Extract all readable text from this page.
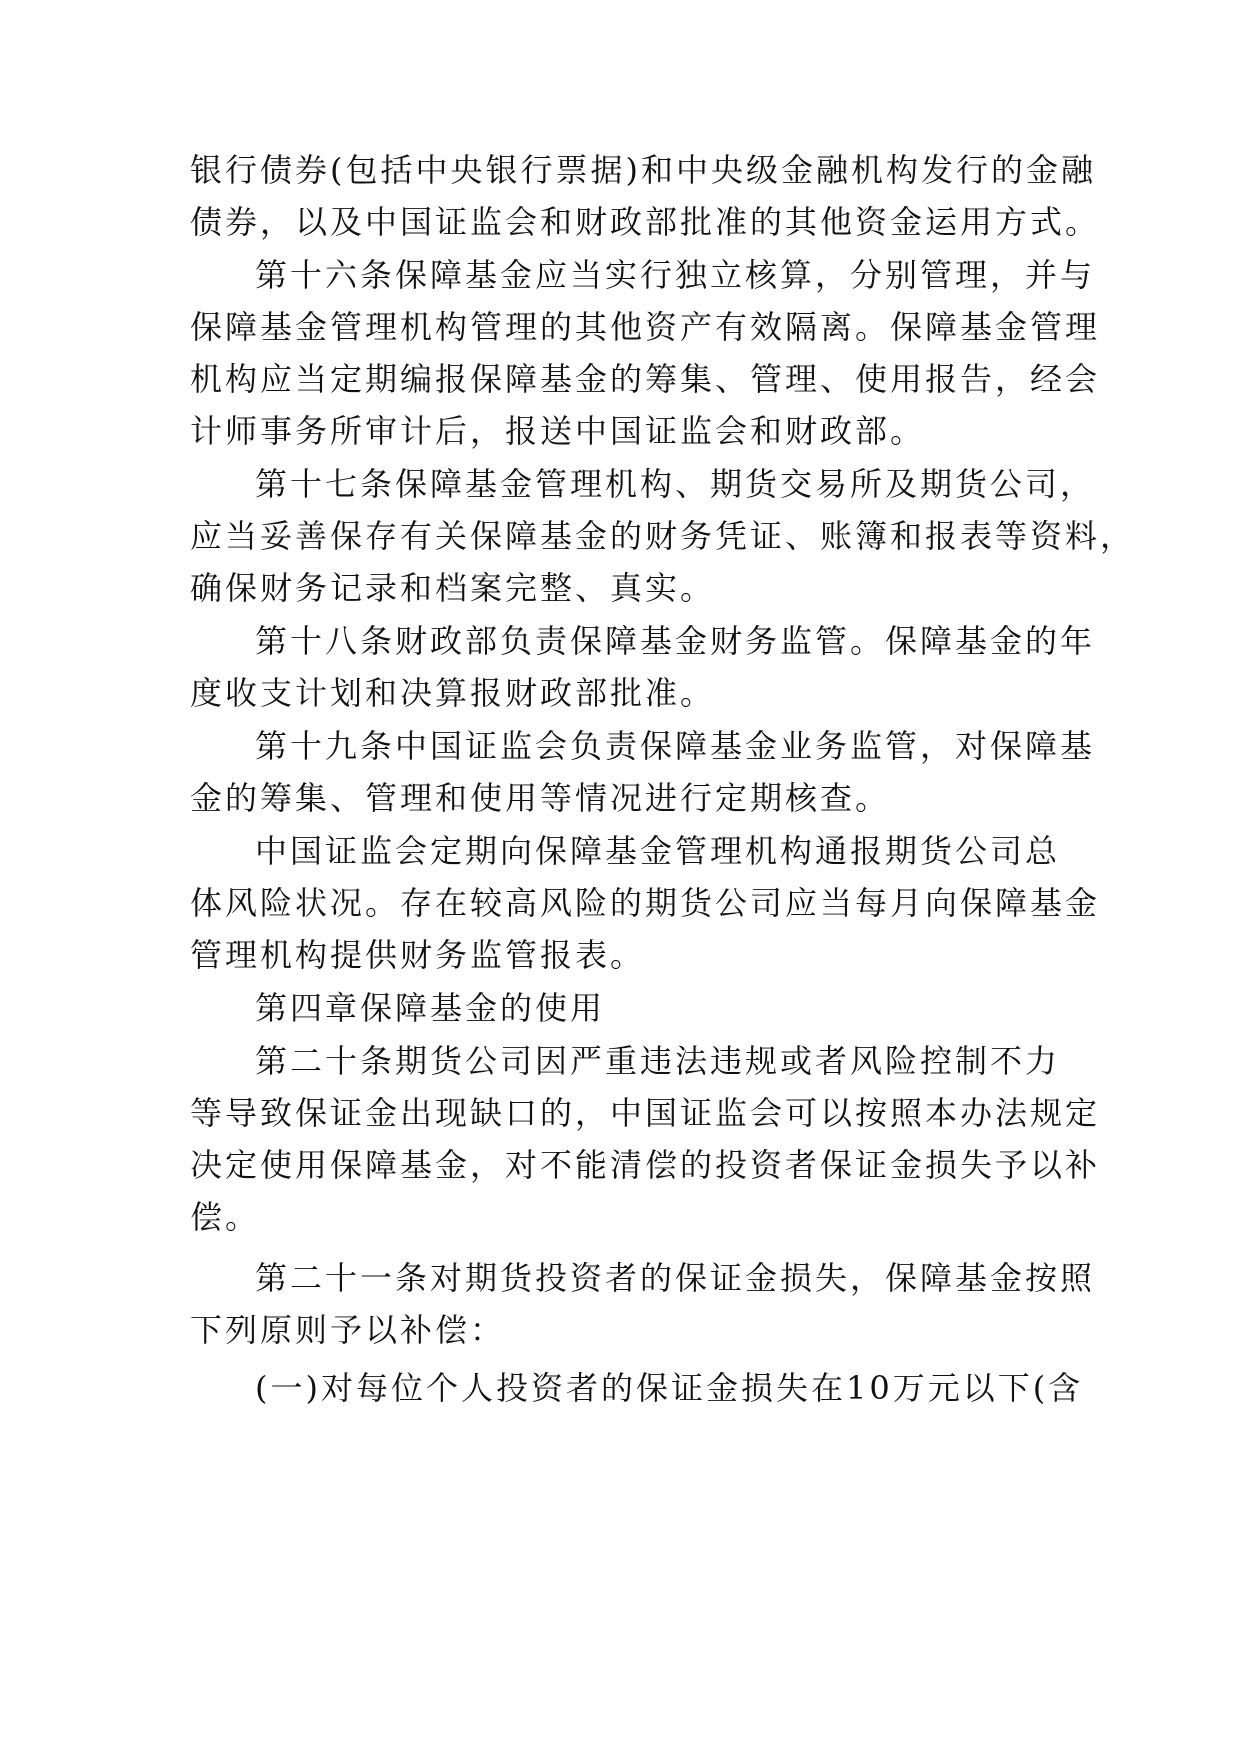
银行债券(包括中央银行票据)和中央级金融机构发行的金融
债券，以及中国证监会和财政部批准的其他资金运用方式。
第十六条保障基金应当实行独立核算，分别管理，并与
保障基金管理机构管理的其他资产有效隔离。保障基金管理
机构应当定期编报保障基金的筹集、管理、使用报告，经会
计师事务所审计后，报送中国证监会和财政部。
第十七条保障基金管理机构、期货交易所及期货公司，
应当妥善保存有关保障基金的财务凭证、账簿和报表等资料，
确保财务记录和档案完整、真实。
第十八条财政部负责保障基金财务监管。保障基金的年
度收支计划和决算报财政部批准。
第十九条中国证监会负责保障基金业务监管，对保障基
金的筹集、管理和使用等情况进行定期核查。
中国证监会定期向保障基金管理机构通报期货公司总
体风险状况。存在较高风险的期货公司应当每月向保障基金
管理机构提供财务监管报表。
第四章保障基金的使用
第二十条期货公司因严重违法违规或者风险控制不力
等导致保证金出现缺口的，中国证监会可以按照本办法规定
决定使用保障基金，对不能清偿的投资者保证金损失予以补
偿。
第二十一条对期货投资者的保证金损失，保障基金按照
下列原则予以补偿：
(一)对每位个人投资者的保证金损失在10万元以下(含
